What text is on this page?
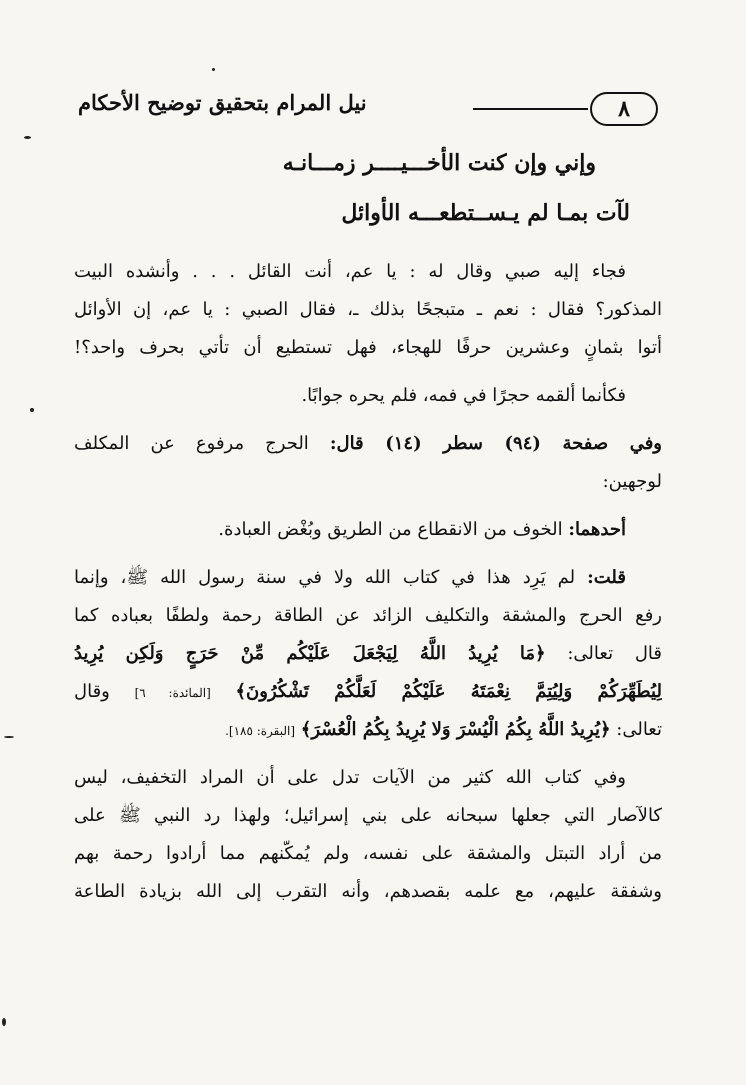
٨
نيل المرام بتحقيق توضيح الأحكام
وإني وإن كنت الأخـــيــــر زمـــانـه
لآت بمـا لم يـســتطعـــه الأوائل
فجاء إليه صبي وقال له : يا عم، أنت القائل . . . وأنشده البيت
المذكور؟ فقال : نعم ـ متبجحًا بذلك ـ، فقال الصبي : يا عم، إن الأوائل
أتوا بثمانٍ وعشرين حرفًا للهجاء، فهل تستطيع أن تأتي بحرف واحد؟!
فكأنما ألقمه حجرًا في فمه، فلم يحره جوابًا.
وفي صفحة (٩٤) سطر (١٤) قال: الحرج مرفوع عن المكلف
لوجهين:
أحدهما: الخوف من الانقطاع من الطريق وبُغْض العبادة.
قلت: لم يَرِد هذا في كتاب الله ولا في سنة رسول الله ﷺ، وإنما
رفع الحرج والمشقة والتكليف الزائد عن الطاقة رحمة ولطفًا بعباده كما
قال تعالى: ﴿مَا يُرِيدُ اللَّهُ لِيَجْعَلَ عَلَيْكُم مِّنْ حَرَجٍ وَلَكِن يُرِيدُ
لِيُطَهِّرَكُمْ وَلِيُتِمَّ نِعْمَتَهُ عَلَيْكُمْ لَعَلَّكُمْ تَشْكُرُونَ﴾ [المائدة: ٦] وقال
تعالى: ﴿يُرِيدُ اللَّهُ بِكُمُ الْيُسْرَ وَلا يُرِيدُ بِكُمُ الْعُسْرَ﴾ [البقرة: ١٨٥].
وفي كتاب الله كثير من الآيات تدل على أن المراد التخفيف، ليس
كالآصار التي جعلها سبحانه على بني إسرائيل؛ ولهذا رد النبي ﷺ على
من أراد التبتل والمشقة على نفسه، ولم يُمكّنهم مما أرادوا رحمة بهم
وشفقة عليهم، مع علمه بقصدهم، وأنه التقرب إلى الله بزيادة الطاعة
